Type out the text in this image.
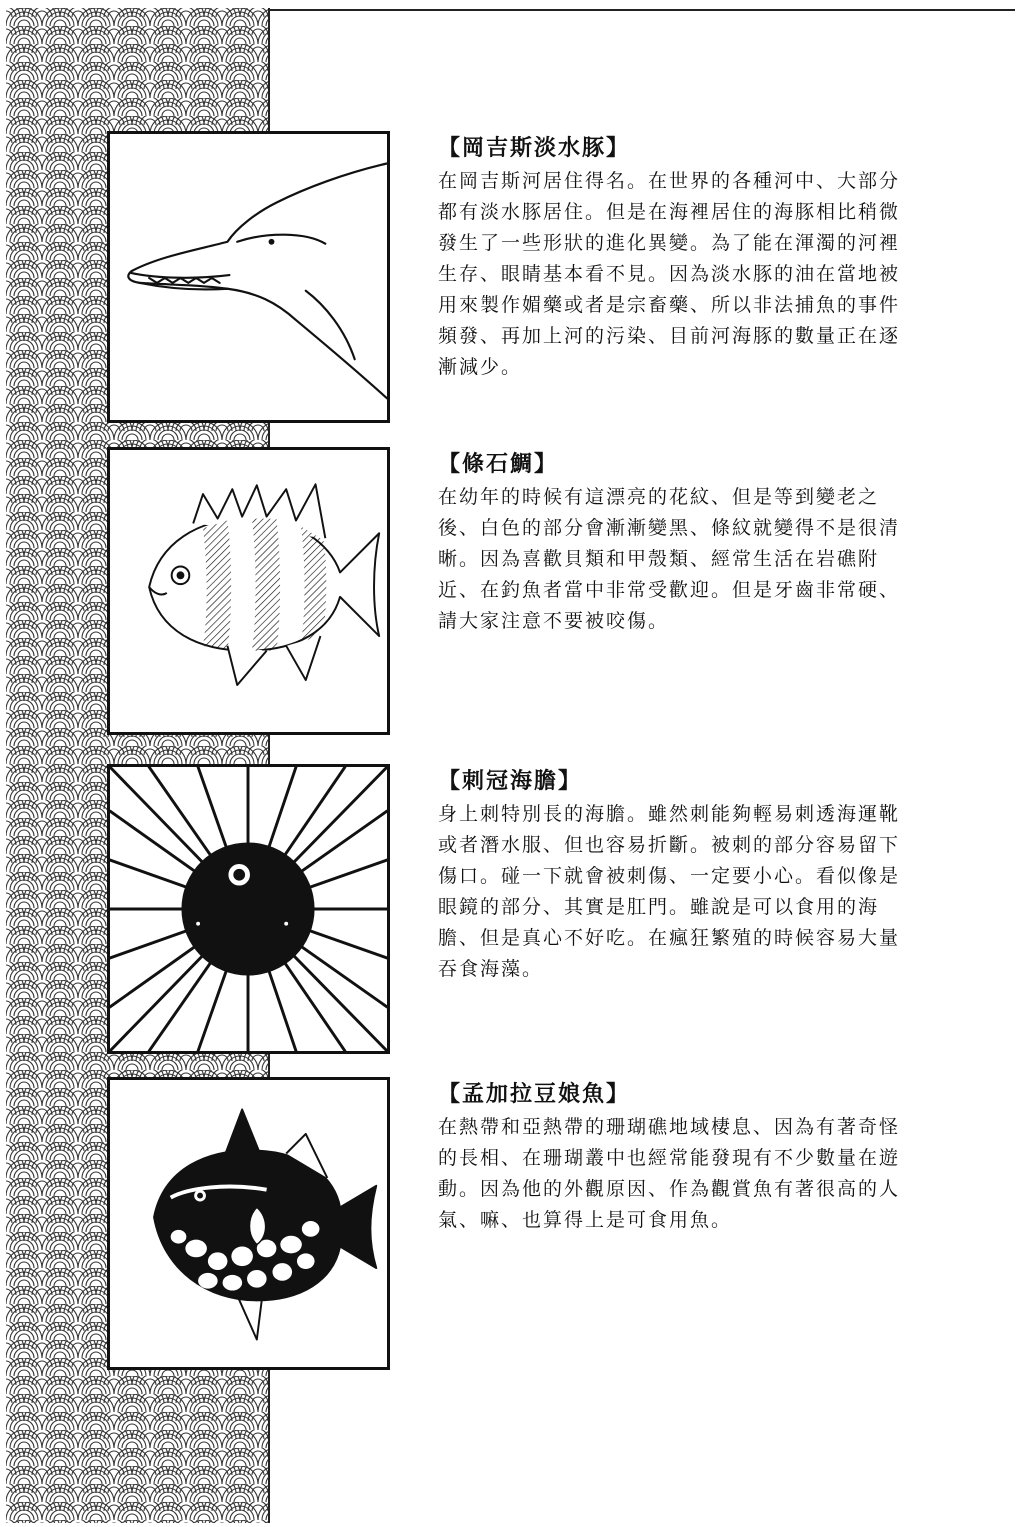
【岡吉斯淡水豚】

在岡吉斯河居住得名。在世界的各種河中、大部分都有淡水豚居住。但是在海裡居住的海豚相比稍微發生了一些形狀的進化異變。為了能在渾濁的河裡生存、眼睛基本看不見。因為淡水豚的油在當地被用來製作媚藥或者是宗畜藥、所以非法捕魚的事件頻發、再加上河的污染、目前河海豚的數量正在逐漸減少。

【條石鯛】

在幼年的時候有這漂亮的花紋、但是等到變老之後、白色的部分會漸漸變黑、條紋就變得不是很清晰。因為喜歡貝類和甲殼類、經常生活在岩礁附近、在釣魚者當中非常受歡迎。但是牙齒非常硬、請大家注意不要被咬傷。

【刺冠海膽】

身上刺特別長的海膽。雖然刺能夠輕易刺透海運靴或者潛水服、但也容易折斷。被刺的部分容易留下傷口。碰一下就會被刺傷、一定要小心。看似像是眼鏡的部分、其實是肛門。雖說是可以食用的海膽、但是真心不好吃。在瘋狂繁殖的時候容易大量吞食海藻。

【孟加拉豆娘魚】

在熱帶和亞熱帶的珊瑚礁地域棲息、因為有著奇怪的長相、在珊瑚叢中也經常能發現有不少數量在遊動。因為他的外觀原因、作為觀賞魚有著很高的人氣、嘛、也算得上是可食用魚。
